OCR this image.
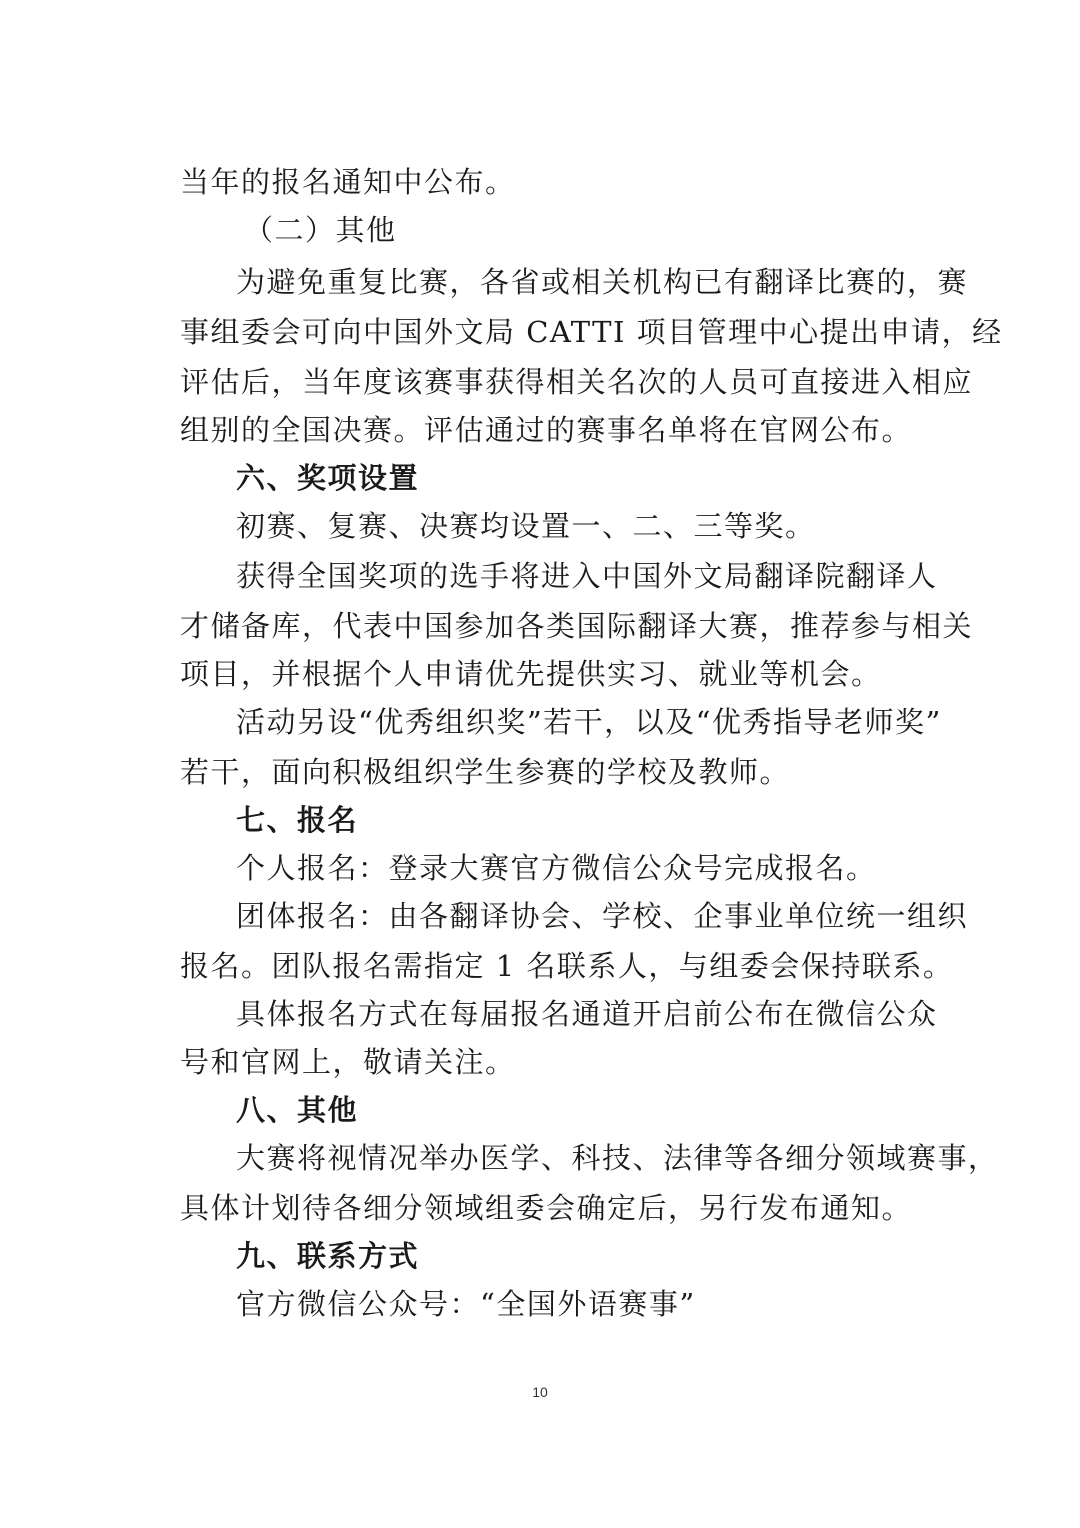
当年的报名通知中公布。
（二）其他
为避免重复比赛，各省或相关机构已有翻译比赛的，赛
事组委会可向中国外文局 CATTI 项目管理中心提出申请，经
评估后，当年度该赛事获得相关名次的人员可直接进入相应
组别的全国决赛。评估通过的赛事名单将在官网公布。
六、奖项设置
初赛、复赛、决赛均设置一、二、三等奖。
获得全国奖项的选手将进入中国外文局翻译院翻译人
才储备库，代表中国参加各类国际翻译大赛，推荐参与相关
项目，并根据个人申请优先提供实习、就业等机会。
活动另设“优秀组织奖”若干，以及“优秀指导老师奖”
若干，面向积极组织学生参赛的学校及教师。
七、报名
个人报名：登录大赛官方微信公众号完成报名。
团体报名：由各翻译协会、学校、企事业单位统一组织
报名。团队报名需指定 1 名联系人，与组委会保持联系。
具体报名方式在每届报名通道开启前公布在微信公众
号和官网上，敬请关注。
八、其他
大赛将视情况举办医学、科技、法律等各细分领域赛事，
具体计划待各细分领域组委会确定后，另行发布通知。
九、联系方式
官方微信公众号：“全国外语赛事”
10
